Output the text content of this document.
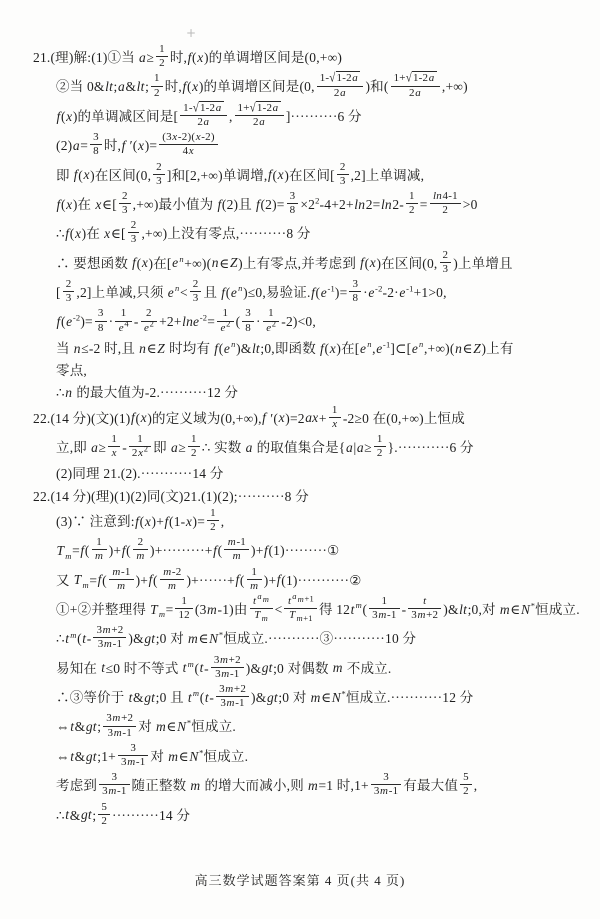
+
21.(理)解:(1)①当 $a\ge \frac{1}{2}$ 时,f(x)的单调增区间是(0,+∞)
②当 0&lt;a&lt; $\frac{1}{2}$ 时,f(x)的单调增区间是(0, $\frac{1-√1-2a}{2a}$ )和( $\frac{1+√1-2a}{2a}$ ,+∞)
f(x)的单调减区间是[ $\frac{1-√1-2a}{2a}$ , $\frac{1+√1-2a}{2a} ]\cdot\cdot\cdot\cdot\cdot\cdot\cdot\cdot\cdot\cdot 6$ 分
$(2)a= \frac{3}{8}$ 时,f $'(x)= \frac{(3x-2)(x-2)}{4x}$
即 f(x)在区间(0, $\frac{2}{3}$ ]和[2,+∞)单调增,f(x)在区间[ $\frac{2}{3} ,2$]上单调减,
f(x)在 x∈[ $\frac{2}{3}$ ,+∞)最小值为 f(2)且 $f(2)= \frac{3}{8} \times 2^2-4+2+\ln 2=\ln 2- \frac{1}{2} = \frac{\ln 4-1}{2} >0$
∴f(x)在 x∈[ $\frac{2}{3}$ ,+∞)上没有零点,··········8 分
∴ 要想函数 f(x)在$[e^n+\infty)(n\in Z)$上有零点,并考虑到 f(x)在区间(0, $\frac{2}{3}$ )上单增且
[ $\frac{2}{3} ,2$]上单减,只须 $e^n< \frac{2}{3}$ 且 $f(e^n)\le 0$,易验证$.f(e^{-1})= \frac{3}{8} \cdot e^{-2}-2\cdot e^{-1}+1>0$,
$f(e^{-2})= \frac{3}{8} \cdot \frac{1}{e^4} - \frac{2}{e^2} +2+\ln e^{-2}= \frac{1}{e^2}$ ( $\frac{3}{8} \cdot \frac{1}{e^2} -2)<0$,
当 n≤-2 时,且 n∈Z 时均有 $f(e^n)\&lt;0$,即函数 f(x)在$[e^n,e^{-1}]\subset[e^n,+\infty)(n\in Z)$上有
零点,
∴n 的最大值为-2.··········12 分
22.(14 分)(文)(1)f(x)的定义域为(0,+∞),f $'(x)=2ax+ \frac{1}{x} -2\ge 0$ 在(0,+∞)上恒成
立,即 $a\ge \frac{1}{x} - \frac{1}{2x^2}$ 即 $a\ge \frac{1}{2}$ ∴ 实数 a 的取值集合是$\{a|a\ge \frac{1}{2} \}.\cdot\cdot\cdot\cdot\cdot\cdot\cdot\cdot\cdot\cdot\cdot 6$ 分
(2)同理 21.(2).···········14 分
22.(14 分)(理)(1)(2)同(文)21.(1)(2);··········8 分
(3)∵ 注意到:f(x)+f(1-x)= $\frac{1}{2}$ ,
$T_m=f( \frac{1}{m} )+f( \frac{2}{m} )+\cdot\cdot\cdot\cdot\cdot\cdot\cdot\cdot\cdot+f( \frac{m-1}{m}$ )+f(1)·········①
又 $T_m=f( \frac{m-1}{m} )+f( \frac{m-2}{m} )+\cdot\cdot\cdot\cdot\cdot\cdot+f( \frac{1}{m}$ )+f(1)···········②
①+②并整理得 $T_m= \frac{1}{12} (3m-1)$由
$t^{a_m}$
$T_m$
<
$t^{a_{m+1}}$
$T_{m+1}$
得 $12t^m( \frac{1}{3m-1} - \frac{t}{3m+2}$ )&lt;0,对 m∈N*恒成立.
$\therefore t^m(t- \frac{3m+2}{3m-1}$ )&gt;0 对 m∈N*恒成立.···········③···········10 分
易知在 t≤0 时不等式 $t^m(t- \frac{3m+2}{3m-1}$ )&gt;0 对偶数 m 不成立.
∴③等价于 t&gt;0 且 $t^m(t- \frac{3m+2}{3m-1}$ )&gt;0 对 m∈N*恒成立.···········12 分
⇔t&gt; $\frac{3m+2}{3m-1}$ 对 m∈N*恒成立.
⇔t&gt;1+ $\frac{3}{3m-1}$ 对 m∈N*恒成立.
考虑到 $\frac{3}{3m-1}$ 随正整数 m 的增大而减小,则 m=1 时$,1+ \frac{3}{3m-1}$ 有最大值 $\frac{5}{2}$ ,
∴t&gt; $\frac{5}{2} \cdot\cdot\cdot\cdot\cdot\cdot\cdot\cdot\cdot\cdot 14$ 分
高三数学试题答案第 4 页(共 4 页)
